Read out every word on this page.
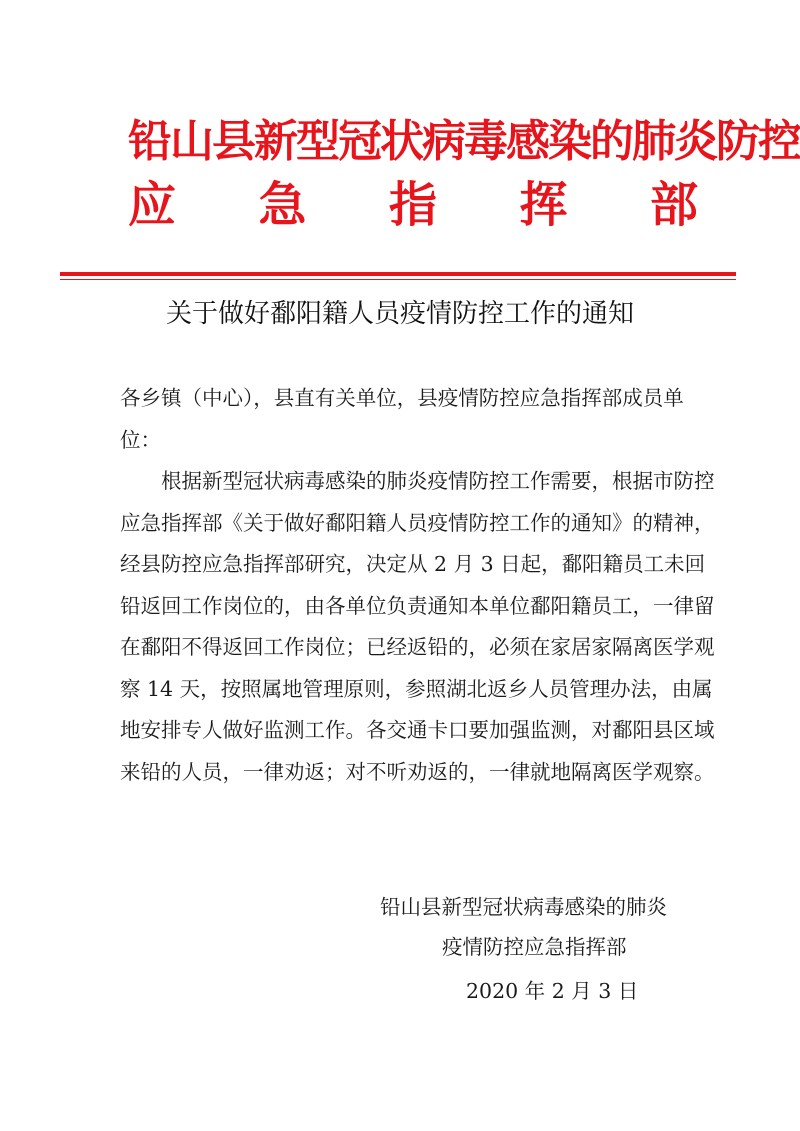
铅山县新型冠状病毒感染的肺炎防控
应 急 指 挥 部
关于做好鄱阳籍人员疫情防控工作的通知

各乡镇（中心），县直有关单位，县疫情防控应急指挥部成员单位：

根据新型冠状病毒感染的肺炎疫情防控工作需要，根据市防控应急指挥部《关于做好鄱阳籍人员疫情防控工作的通知》的精神，经县防控应急指挥部研究，决定从 2 月 3 日起，鄱阳籍员工未回铅返回工作岗位的，由各单位负责通知本单位鄱阳籍员工，一律留在鄱阳不得返回工作岗位；已经返铅的，必须在家居家隔离医学观察 14 天，按照属地管理原则，参照湖北返乡人员管理办法，由属地安排专人做好监测工作。各交通卡口要加强监测，对鄱阳县区域来铅的人员，一律劝返；对不听劝返的，一律就地隔离医学观察。

铅山县新型冠状病毒感染的肺炎
疫情防控应急指挥部
2020 年 2 月 3 日
